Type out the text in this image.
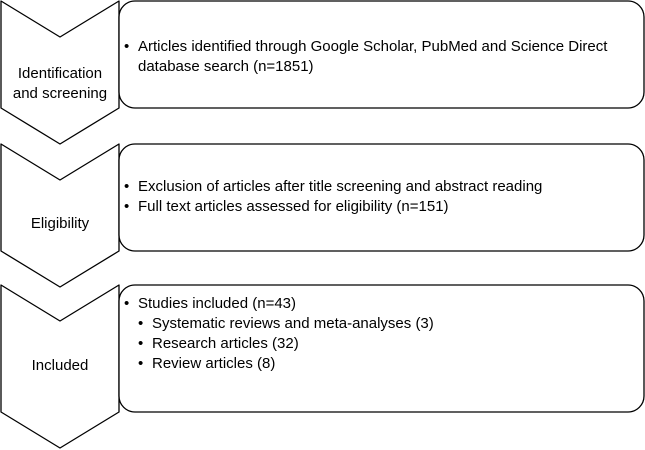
Identification
and screening
• Articles identified through Google Scholar, PubMed and Science Direct database search (n=1851)
Eligibility
• Exclusion of articles after title screening and abstract reading
• Full text articles assessed for eligibility (n=151)
Included
• Studies included (n=43)
• Systematic reviews and meta-analyses (3)
• Research articles (32)
• Review articles (8)
